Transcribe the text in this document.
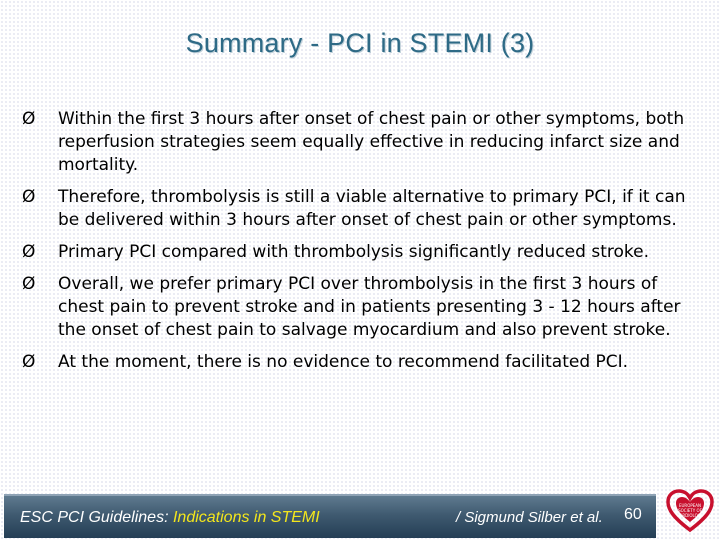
Summary - PCI in STEMI (3)
Ø Within the first 3 hours after onset of chest pain or other symptoms, both reperfusion strategies seem equally effective in reducing infarct size and mortality.
Ø Therefore, thrombolysis is still a viable alternative to primary PCI, if it can be delivered within 3 hours after onset of chest pain or other symptoms.
Ø Primary PCI compared with thrombolysis significantly reduced stroke.
Ø Overall, we prefer primary PCI over thrombolysis in the first 3 hours of chest pain to prevent stroke and in patients presenting 3 - 12 hours after the onset of chest pain to salvage myocardium and also prevent stroke.
Ø At the moment, there is no evidence to recommend facilitated PCI.
ESC PCI Guidelines: Indications in STEMI	/ Sigmund Silber et al. 60
EUROPEAN
SOCIETY OF
CARDIOLOGY
